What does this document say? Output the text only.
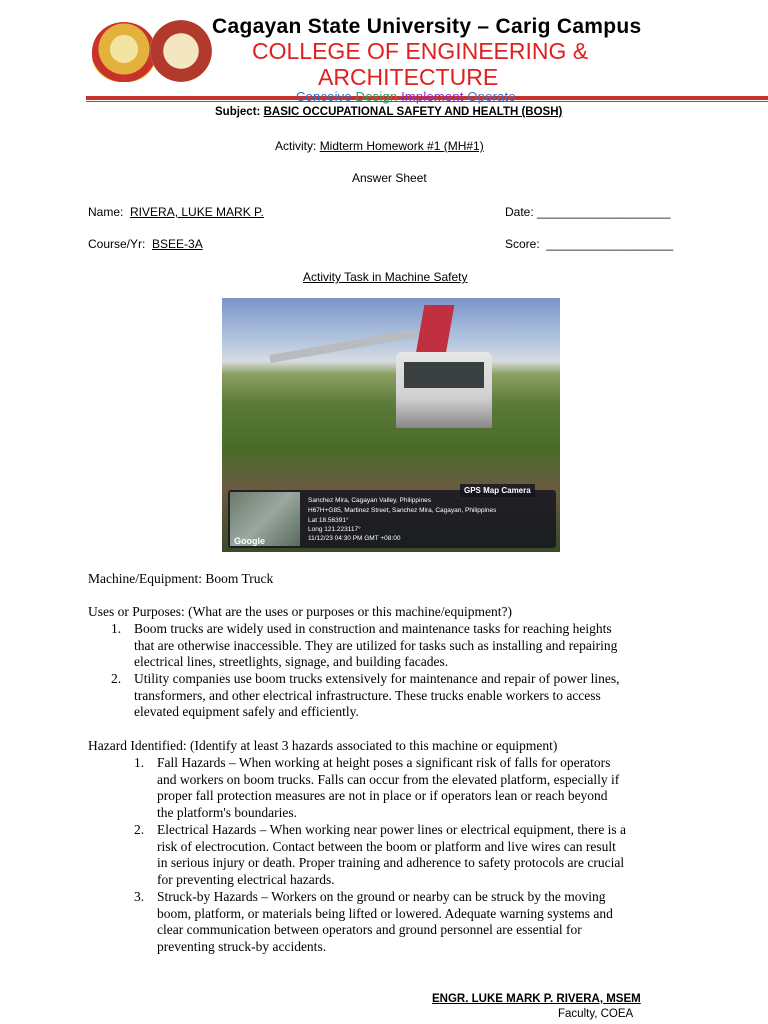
Cagayan State University – Carig Campus
COLLEGE OF ENGINEERING &
ARCHITECTURE
Conceive Design Implement Operate
Subject: BASIC OCCUPATIONAL SAFETY AND HEALTH (BOSH)
Activity: Midterm Homework #1 (MH#1)
Answer Sheet
Name: RIVERA, LUKE MARK P.	Date: ____________________
Course/Yr: BSEE-3A	Score: ___________________
Activity Task in Machine Safety
GPS Map Camera
Sanchez Mira, Cagayan Valley, Philippines
H67H+G85, Martinez Street, Sanchez Mira, Cagayan, Philippines
Lat 18.56391°
Long 121.223117°
11/12/23 04:30 PM GMT +08:00
Google
Machine/Equipment: Boom Truck
Uses or Purposes: (What are the uses or purposes or this machine/equipment?)
1. Boom trucks are widely used in construction and maintenance tasks for reaching heights
that are otherwise inaccessible. They are utilized for tasks such as installing and repairing
electrical lines, streetlights, signage, and building facades.
2. Utility companies use boom trucks extensively for maintenance and repair of power lines,
transformers, and other electrical infrastructure. These trucks enable workers to access
elevated equipment safely and efficiently.
Hazard Identified: (Identify at least 3 hazards associated to this machine or equipment)
1. Fall Hazards – When working at height poses a significant risk of falls for operators
and workers on boom trucks. Falls can occur from the elevated platform, especially if
proper fall protection measures are not in place or if operators lean or reach beyond
the platform's boundaries.
2. Electrical Hazards – When working near power lines or electrical equipment, there is a
risk of electrocution. Contact between the boom or platform and live wires can result
in serious injury or death. Proper training and adherence to safety protocols are crucial
for preventing electrical hazards.
3. Struck-by Hazards – Workers on the ground or nearby can be struck by the moving
boom, platform, or materials being lifted or lowered. Adequate warning systems and
clear communication between operators and ground personnel are essential for
preventing struck-by accidents.
ENGR. LUKE MARK P. RIVERA, MSEM
Faculty, COEA
